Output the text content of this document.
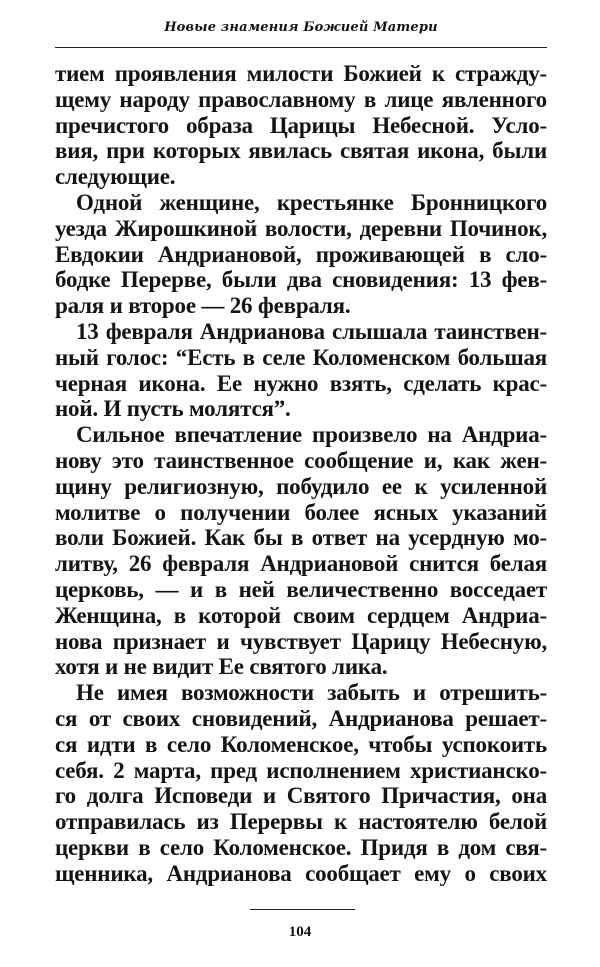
Новые знамения Божией Матери
тием проявления милости Божией к стражду-
щему народу православному в лице явленного
пречистого образа Царицы Небесной. Усло-
вия, при которых явилась святая икона, были
следующие.
Одной женщине, крестьянке Бронницкого
уезда Жирошкиной волости, деревни Починок,
Евдокии Андриановой, проживающей в сло-
бодке Перерве, были два сновидения: 13 фев-
раля и второе — 26 февраля.
13 февраля Андрианова слышала таинствен-
ный голос: “Есть в селе Коломенском большая
черная икона. Ее нужно взять, сделать крас-
ной. И пусть молятся”.
Сильное впечатление произвело на Андриа-
нову это таинственное сообщение и, как жен-
щину религиозную, побудило ее к усиленной
молитве о получении более ясных указаний
воли Божией. Как бы в ответ на усердную мо-
литву, 26 февраля Андриановой снится белая
церковь, — и в ней величественно восседает
Женщина, в которой своим сердцем Андриа-
нова признает и чувствует Царицу Небесную,
хотя и не видит Ее святого лика.
Не имея возможности забыть и отрешить-
ся от своих сновидений, Андрианова решает-
ся идти в село Коломенское, чтобы успокоить
себя. 2 марта, пред исполнением христианско-
го долга Исповеди и Святого Причастия, она
отправилась из Перервы к настоятелю белой
церкви в село Коломенское. Придя в дом свя-
щенника, Андрианова сообщает ему о своих
104
